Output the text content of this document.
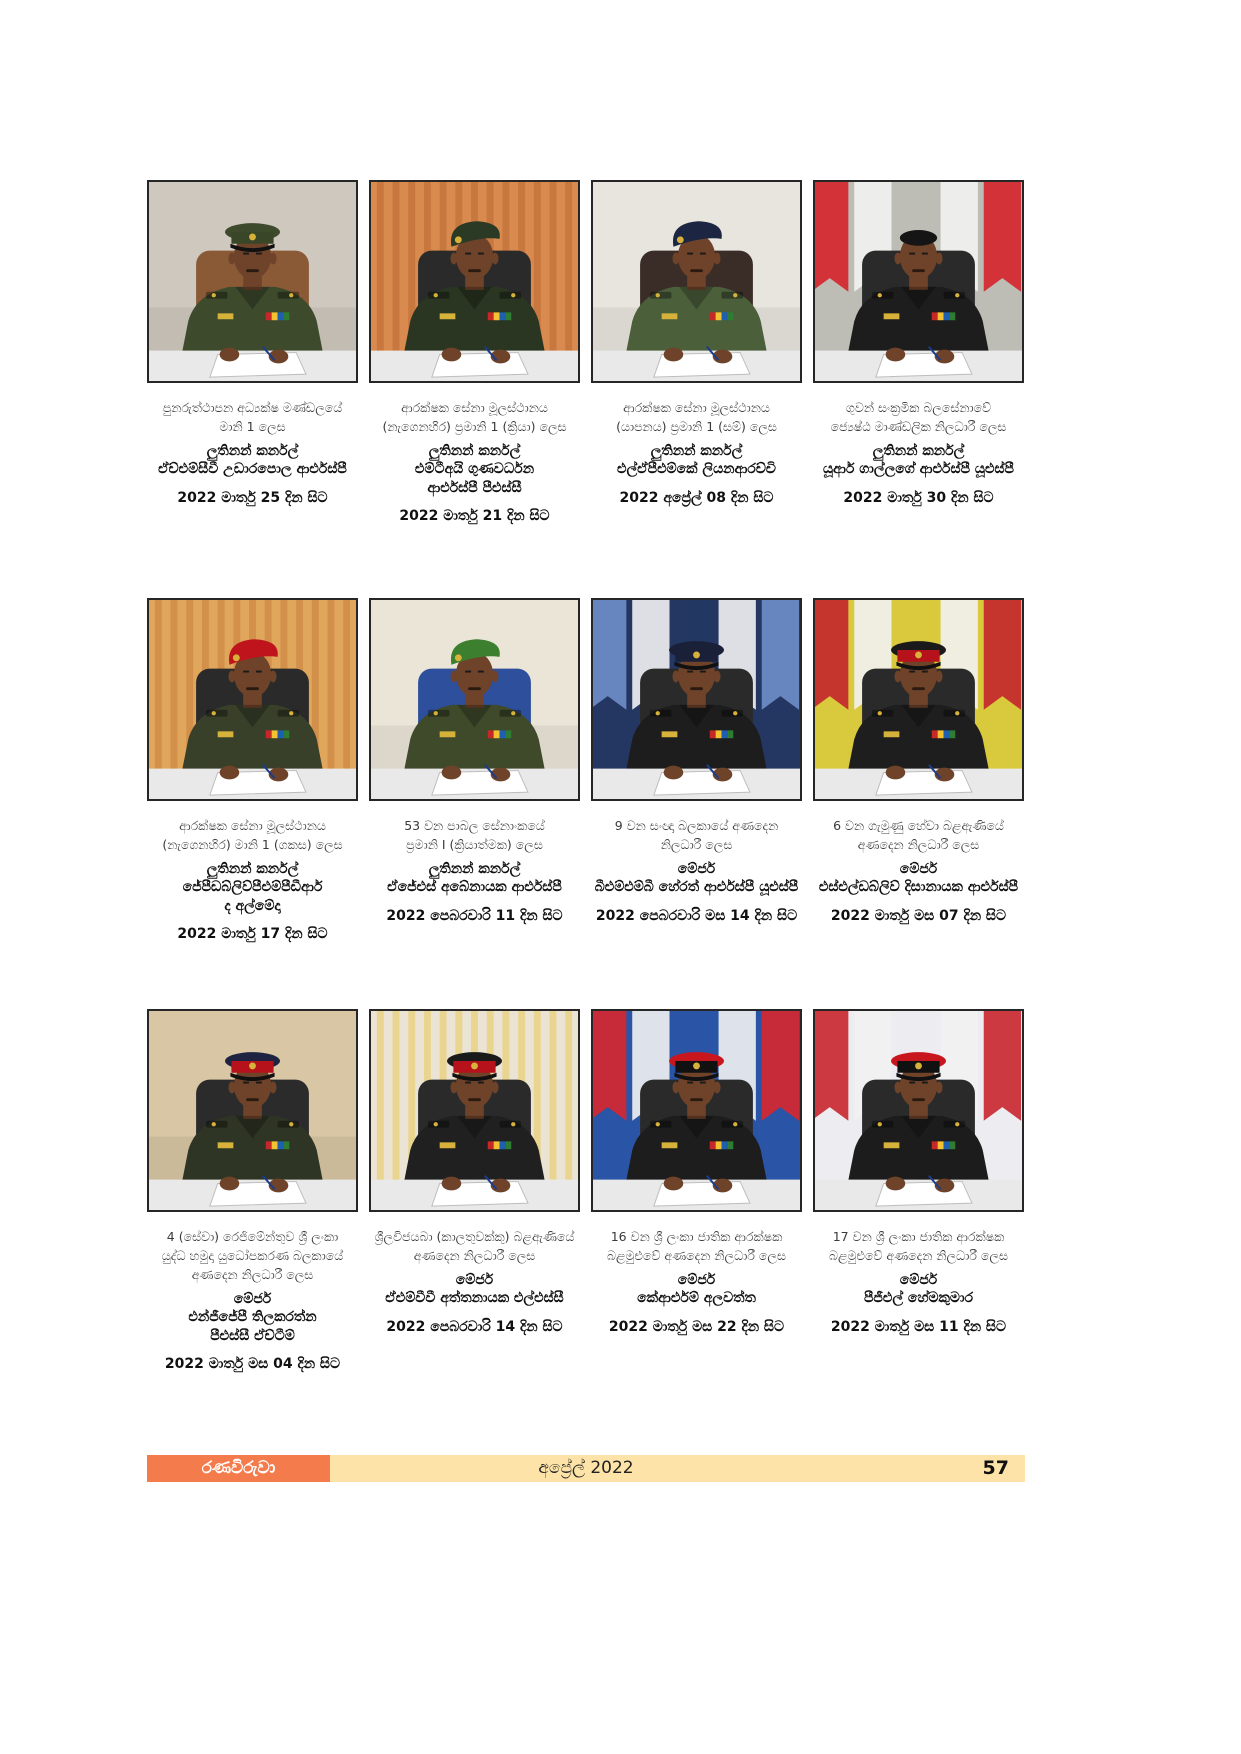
පුනරුත්ථාපන අධ්‍යක්ෂ මණ්ඩලයේ
මානි 1 ලෙස
ලුතිනන් කර්නල්
ඒච්එම්සීවී උඩාරපොල ආර්එස්පී
2022 මාර්තු 25 දින සිට
ආරක්ෂක සේනා මූලස්ථානය
(නැගෙනහිර) ප්‍රමානි 1 (ක්‍රියා) ලෙස
ලුතිනන් කර්නල්
එම්ටීඅයි ගුණවර්ධන
ආර්එස්පී පීඑස්සී
2022 මාර්තු 21 දින සිට
ආරක්ෂක සේනා මූලස්ථානය
(යාපනය) ප්‍රමානි 1 (සම්) ලෙස
ලුතිනන් කර්නල්
එල්ඒපීඑම්කේ ලියනආරච්චි
2022 අප්‍රේල් 08 දින සිට
ගුවන් සංක්‍රමික බලසේනාවේ
ජ්‍යෙෂ්ඨ මාණ්ඩලික නිලධාරී ලෙස
ලුතිනන් කර්නල්
යූආර් ගාල්ලගේ ආර්එස්පී යූඑස්පී
2022 මාර්තු 30 දින සිට
ආරක්ෂක සේනා මූලස්ථානය
(නැගෙනහිර) මානි 1 (ගකස) ලෙස
ලුතිනන් කර්නල්
ජේපීඩබ්ලිව්පීඑම්පීඩීආර්
ද අල්මේදා
2022 මාර්තු 17 දින සිට
53 වන පාබල සේනාංකයේ
ප්‍රමානි I (ක්‍රියාත්මක) ලෙස
ලුතිනන් කර්නල්
ඒජේඑස් අබේනායක ආර්එස්පී
2022 පෙබරවාරි 11 දින සිට
9 වන සංඥා බලකායේ අණදෙන
නිලධාරී ලෙස
මේජර්
බීඑම්එම්බී හේරත් ආර්එස්පී යූඑස්පී
2022 පෙබරවාරි මස 14 දින සිට
6 වන ගැමුණු හේවා බළඇණියේ
අණදෙන නිලධාරී ලෙස
මේජර්
එස්එල්ඩබ්ලිව් දිසානායක ආර්එස්පී
2022 මාර්තු මස 07 දින සිට
4 (සේවා) රෙජිමේන්තුව ශ්‍රී ලංකා
යුද්ධ හමුදා යුධෝපකරණ බලකායේ
අණදෙන නිලධාරී ලෙස
මේජර්
එන්ජීජේපී තිලකරත්න
පීඑස්සී ඒච්ටීම්
2022 මාර්තු මස 04 දින සිට
ශ්‍රීලවිජයබා (කාලතුවක්කු) බළඇණියේ
අණදෙන නිලධාරී ලෙස
මේජර්
ඒඑම්වීවී අත්තනායක එල්එස්සී
2022 පෙබරවාරි 14 දින සිට
16 වන ශ්‍රී ලංකා ජාතික ආරක්ෂක
බළමුළුවේ අණදෙන නිලධාරී ලෙස
මේජර්
කේආර්එම් අලවත්ත
2022 මාර්තු මස 22 දින සිට
17 වන ශ්‍රී ලංකා ජාතික ආරක්ෂක
බළමුළුවේ අණදෙන නිලධාරී ලෙස
මේජර්
පීජීඑල් හේමකුමාර
2022 මාර්තු මස 11 දින සිට
අප්‍රේල් 2022
රණවිරුවා	57
